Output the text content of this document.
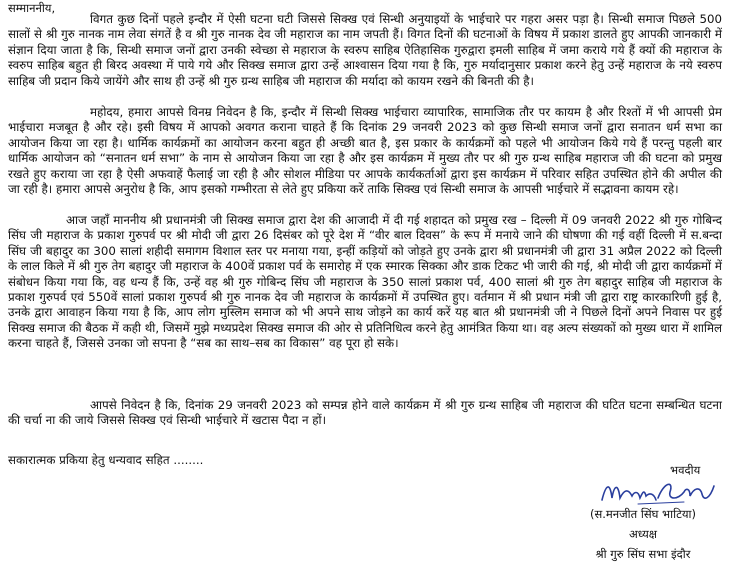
सम्माननीय,

विगत कुछ दिनों पहले इन्दौर में ऐसी घटना घटी जिससे सिक्ख एवं सिन्धी अनुयाइयों के भाईचारे पर गहरा असर पड़ा है। सिन्धी समाज पिछले 500 सालों से श्री गुरु नानक नाम लेवा संगतें है व श्री गुरु नानक देव जी महाराज का नाम जपती हैं। विगत दिनों की घटनाओं के विषय में प्रकाश डालते हुए आपकी जानकारी में संज्ञान दिया जाता है कि, सिन्धी समाज जनों द्वारा उनकी स्वेच्छा से महाराज के स्वरुप साहिब ऐतिहासिक गुरुद्वारा इमली साहिब में जमा कराये गये हैं क्यों की महाराज के स्वरुप साहिब बहुत ही बिरद अवस्था में पाये गये और सिक्ख समाज द्वारा उन्हें आश्वासन दिया गया है कि, गुरु मर्यादानुसार प्रकाश करने हेतु उन्हें महाराज के नये स्वरुप साहिब जी प्रदान किये जायेंगे और साथ ही उन्हें श्री गुरु ग्रन्थ साहिब जी महाराज की मर्यादा को कायम रखने की बिनती की है।

महोदय, हमारा आपसे विनम्र निवेदन है कि, इन्दौर में सिन्धी सिक्ख भाईचारा व्यापारिक, सामाजिक तौर पर कायम है और रिश्तों में भी आपसी प्रेम भाईचारा मजबूत है और रहे। इसी विषय में आपको अवगत कराना चाहते हैं कि दिनांक 29 जनवरी 2023 को कुछ सिन्धी समाज जनों द्वारा सनातन धर्म सभा का आयोजन किया जा रहा है। धार्मिक कार्यक्रमों का आयोजन करना बहुत ही अच्छी बात है, इस प्रकार के कार्यक्रमों को पहले भी आयोजन किये गये हैं परन्तु पहली बार धार्मिक आयोजन को “सनातन धर्म सभा” के नाम से आयोजन किया जा रहा है और इस कार्यक्रम में मुख्य तौर पर श्री गुरु ग्रन्थ साहिब महाराज जी की घटना को प्रमुख रखते हुए कराया जा रहा है ऐसी अफवाहें फैलाई जा रही है और सोशल मीडिया पर आपके कार्यकर्ताओं द्वारा इस कार्यक्रम में परिवार सहित उपस्थित होने की अपील की जा रही है। हमारा आपसे अनुरोध है कि, आप इसको गम्भीरता से लेते हुए प्रकिया करें ताकि सिक्ख एवं सिन्धी समाज के आपसी भाईचारे में सद्भावना कायम रहे।

आज जहाँ माननीय श्री प्रधानमंत्री जी सिक्ख समाज द्वारा देश की आजादी में दी गई शहादत को प्रमुख रख – दिल्ली में 09 जनवरी 2022 श्री गुरु गोबिन्द सिंघ जी महाराज के प्रकाश गुरुपर्व पर श्री मोदी जी द्वारा 26 दिसंबर को पूरे देश में “वीर बाल दिवस” के रूप में मनाये जाने की घोषणा की गई वहीं दिल्ली में स.बन्दा सिंघ जी बहादुर का 300 सालां शहीदी समागम विशाल स्तर पर मनाया गया, इन्हीं कड़ियों को जोड़ते हुए उनके द्वारा श्री प्रधानमंत्री जी द्वारा 31 अप्रैल 2022 को दिल्ली के लाल किले में श्री गुरु तेग बहादुर जी महाराज के 400वें प्रकाश पर्व के समारोह में एक स्मारक सिक्का और डाक टिकट भी जारी की गई, श्री मोदी जी द्वारा कार्यक्रमों में संबोधन किया गया कि, वह धन्य हैं कि, उन्हें वह श्री गुरु गोबिन्द सिंघ जी महाराज के 350 सालां प्रकाश पर्व, 400 सालां श्री गुरु तेग बहादुर साहिब जी महाराज के प्रकाश गुरुपर्व एवं 550वें सालां प्रकाश गुरुपर्व श्री गुरु नानक देव जी महाराज के कार्यक्रमों में उपस्थित हुए। वर्तमान में श्री प्रधान मंत्री जी द्वारा राष्ट्र कारकारिणी हुई है, उनके द्वारा आवाहन किया गया है कि, आप लोग मुस्लिम समाज को भी अपने साथ जोड़ने का कार्य करें यह बात श्री प्रधानमंत्री जी ने पिछले दिनों अपने निवास पर हुई सिक्ख समाज की बैठक में कही थी, जिसमें मुझे मध्यप्रदेश सिक्ख समाज की ओर से प्रतिनिधित्व करने हेतु आमंत्रित किया था। वह अल्प संख्यकों को मुख्य धारा में शामिल करना चाहते हैं, जिससे उनका जो सपना है “सब का साथ–सब का विकास” वह पूरा हो सके।

आपसे निवेदन है कि, दिनांक 29 जनवरी 2023 को सम्पन्न होने वाले कार्यक्रम में श्री गुरु ग्रन्थ साहिब जी महाराज की घटित घटना सम्बन्धित घटना की चर्चा ना की जाये जिससे सिक्ख एवं सिन्धी भाईचारे में खटास पैदा न हों।

सकारात्मक प्रकिया हेतु धन्यवाद सहित ........
भवदीय
(स.मनजीत सिंघ भाटिया)
अध्यक्ष
श्री गुरु सिंघ सभा इंदौर
